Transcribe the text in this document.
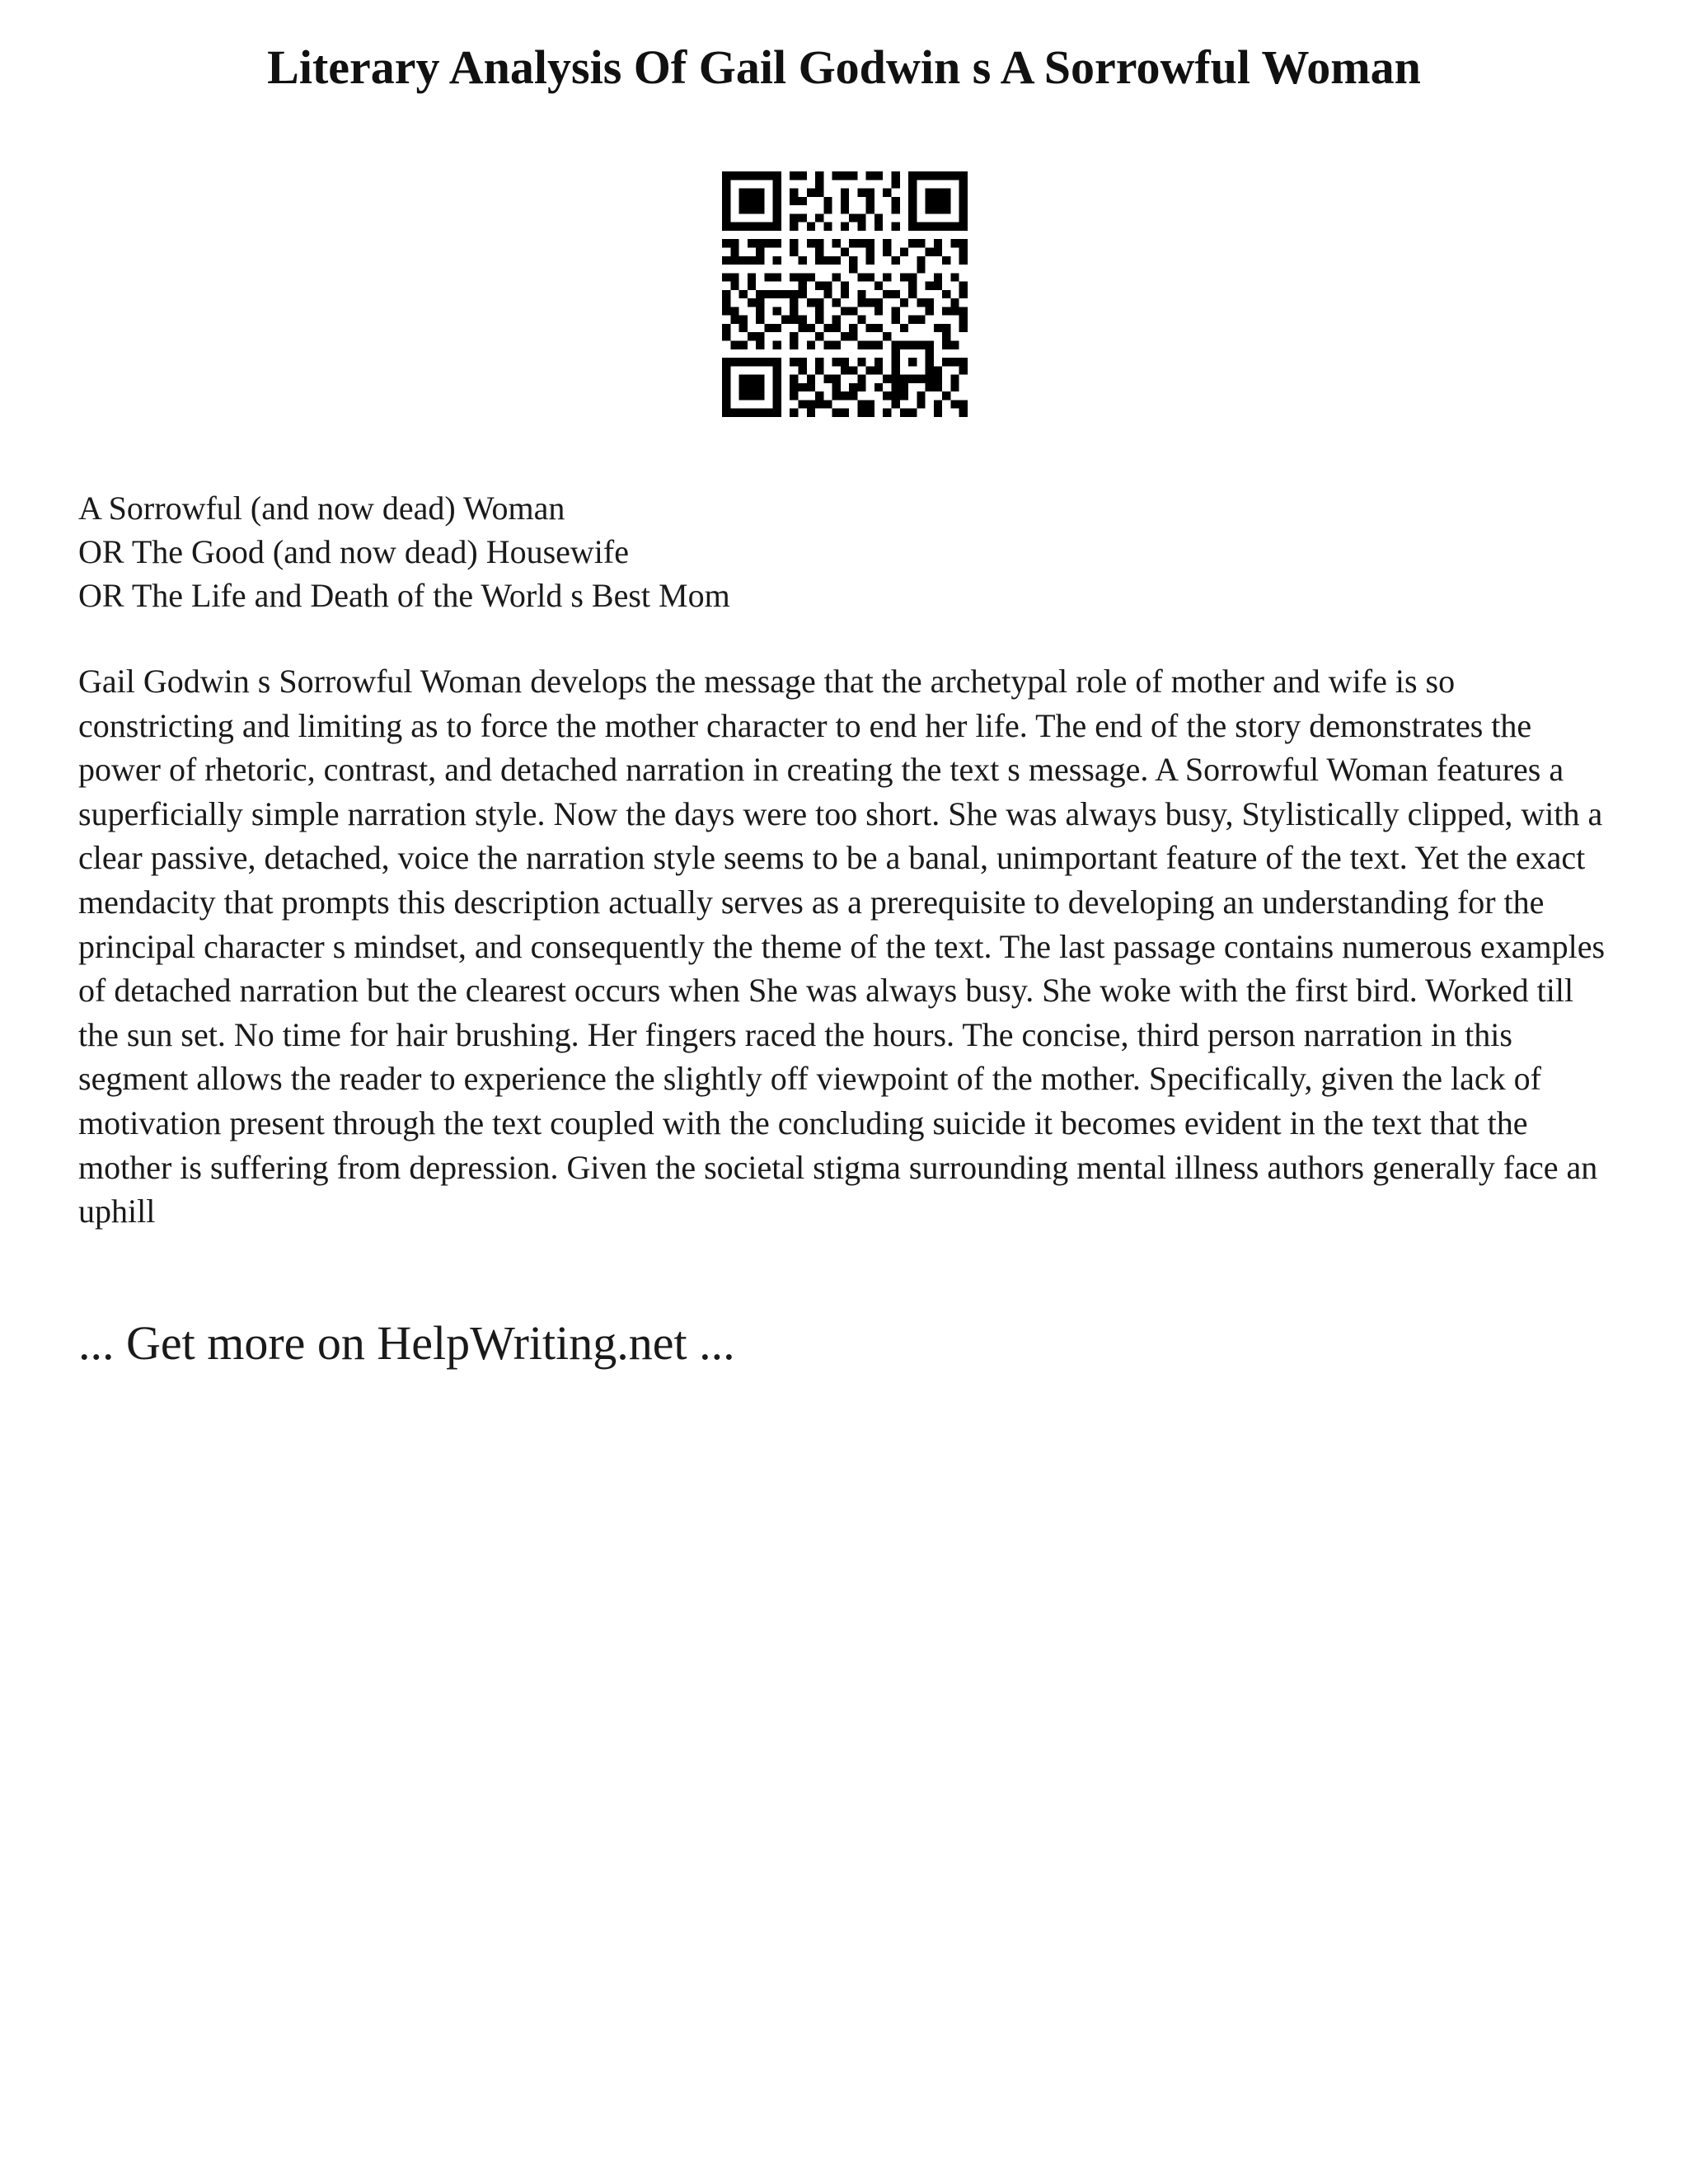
Literary Analysis Of Gail Godwin s A Sorrowful Woman
A Sorrowful (and now dead) Woman
OR The Good (and now dead) Housewife
OR The Life and Death of the World s Best Mom

Gail Godwin s Sorrowful Woman develops the message that the archetypal role of mother and wife is so constricting and limiting as to force the mother character to end her life. The end of the story demonstrates the power of rhetoric, contrast, and detached narration in creating the text s message. A Sorrowful Woman features a superficially simple narration style. Now the days were too short. She was always busy, Stylistically clipped, with a clear passive, detached, voice the narration style seems to be a banal, unimportant feature of the text. Yet the exact mendacity that prompts this description actually serves as a prerequisite to developing an understanding for the principal character s mindset, and consequently the theme of the text. The last passage contains numerous examples of detached narration but the clearest occurs when She was always busy. She woke with the first bird. Worked till the sun set. No time for hair brushing. Her fingers raced the hours. The concise, third person narration in this segment allows the reader to experience the slightly off viewpoint of the mother. Specifically, given the lack of motivation present through the text coupled with the concluding suicide it becomes evident in the text that the mother is suffering from depression. Given the societal stigma surrounding mental illness authors generally face an uphill

... Get more on HelpWriting.net ...
